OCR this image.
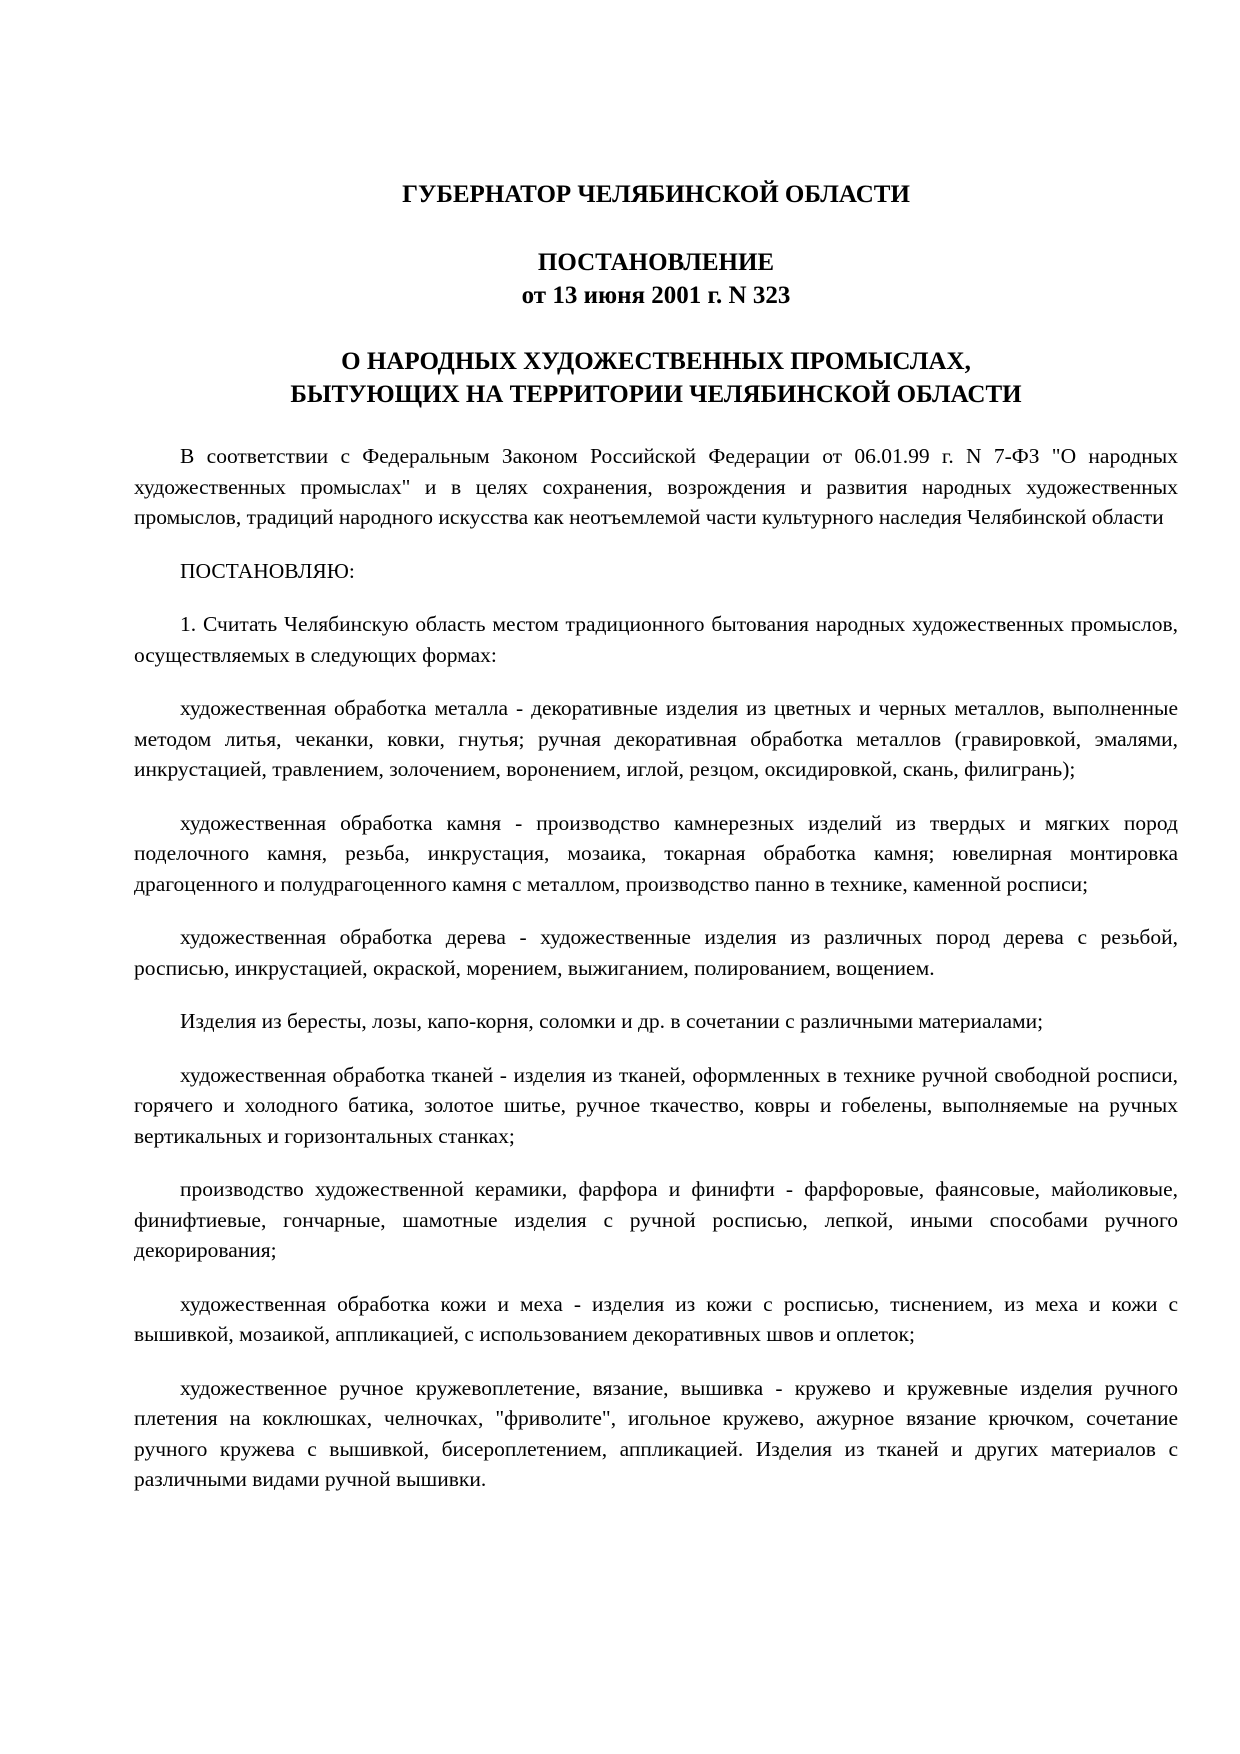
ГУБЕРНАТОР ЧЕЛЯБИНСКОЙ ОБЛАСТИ

ПОСТАНОВЛЕНИЕ

от 13 июня 2001 г. N 323

О НАРОДНЫХ ХУДОЖЕСТВЕННЫХ ПРОМЫСЛАХ,

БЫТУЮЩИХ НА ТЕРРИТОРИИ ЧЕЛЯБИНСКОЙ ОБЛАСТИ

В соответствии с Федеральным Законом Российской Федерации от 06.01.99 г. N 7-ФЗ "О народных художественных промыслах" и в целях сохранения, возрождения и развития народных художественных промыслов, традиций народного искусства как неотъемлемой части культурного наследия Челябинской области

ПОСТАНОВЛЯЮ:

1. Считать Челябинскую область местом традиционного бытования народных художественных промыслов, осуществляемых в следующих формах:

художественная обработка металла - декоративные изделия из цветных и черных металлов, выполненные методом литья, чеканки, ковки, гнутья; ручная декоративная обработка металлов (гравировкой, эмалями, инкрустацией, травлением, золочением, воронением, иглой, резцом, оксидировкой, скань, филигрань);

художественная обработка камня - производство камнерезных изделий из твердых и мягких пород поделочного камня, резьба, инкрустация, мозаика, токарная обработка камня; ювелирная монтировка драгоценного и полудрагоценного камня с металлом, производство панно в технике, каменной росписи;

художественная обработка дерева - художественные изделия из различных пород дерева с резьбой, росписью, инкрустацией, окраской, морением, выжиганием, полированием, вощением.

Изделия из бересты, лозы, капо-корня, соломки и др. в сочетании с различными материалами;

художественная обработка тканей - изделия из тканей, оформленных в технике ручной свободной росписи, горячего и холодного батика, золотое шитье, ручное ткачество, ковры и гобелены, выполняемые на ручных вертикальных и горизонтальных станках;

производство художественной керамики, фарфора и финифти - фарфоровые, фаянсовые, майоликовые, финифтиевые, гончарные, шамотные изделия с ручной росписью, лепкой, иными способами ручного декорирования;

художественная обработка кожи и меха - изделия из кожи с росписью, тиснением, из меха и кожи с вышивкой, мозаикой, аппликацией, с использованием декоративных швов и оплеток;

художественное ручное кружевоплетение, вязание, вышивка - кружево и кружевные изделия ручного плетения на коклюшках, челночках, "фриволите", игольное кружево, ажурное вязание крючком, сочетание ручного кружева с вышивкой, бисероплетением, аппликацией. Изделия из тканей и других материалов с различными видами ручной вышивки.
